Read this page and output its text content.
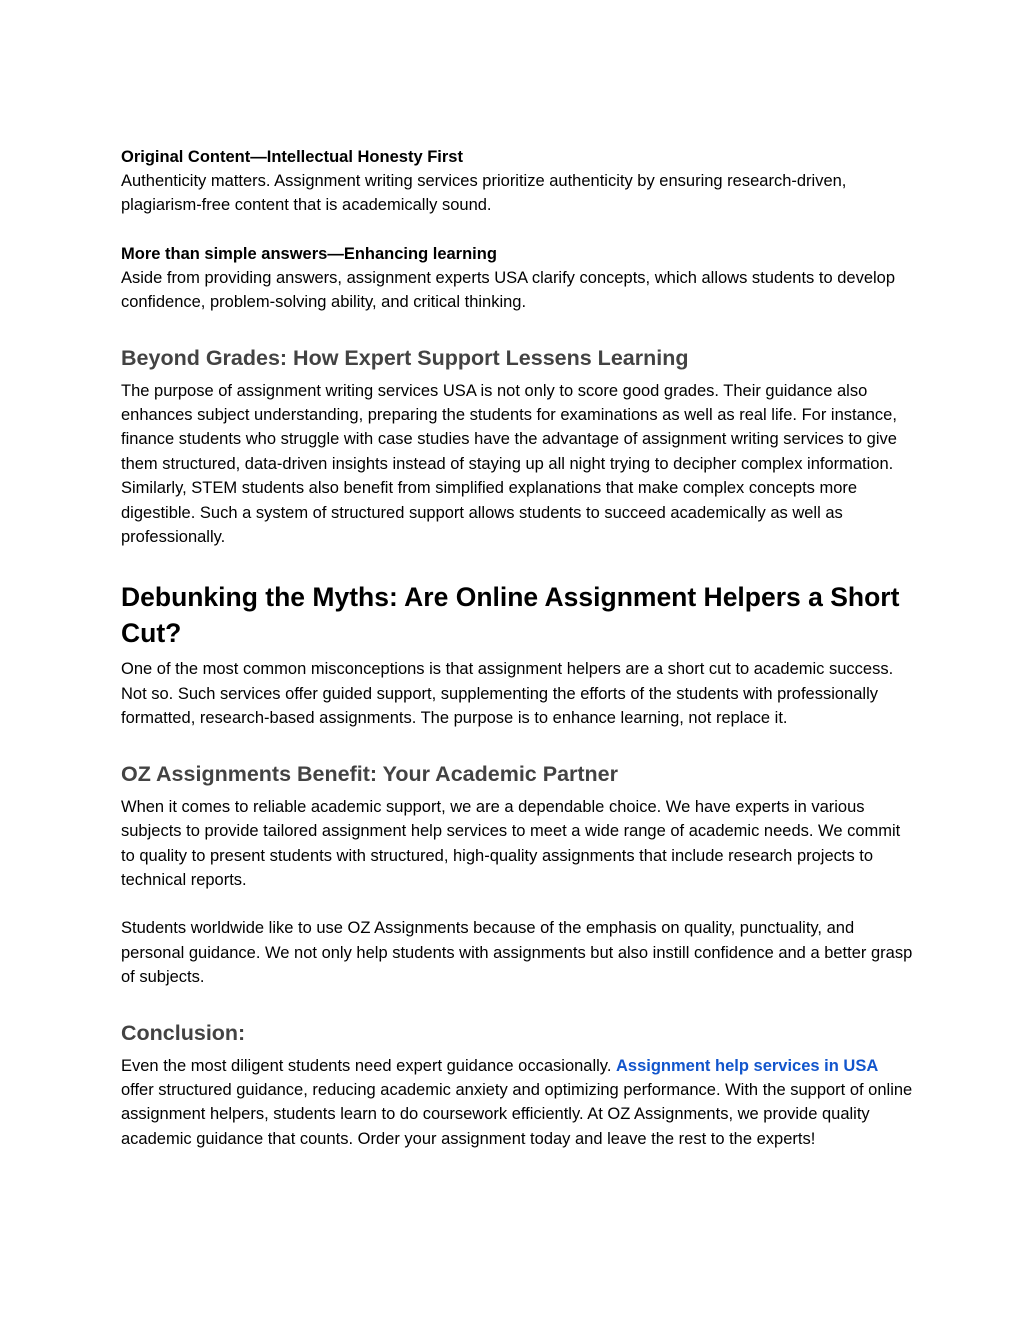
Original Content—Intellectual Honesty First

Authenticity matters. Assignment writing services prioritize authenticity by ensuring research-driven, plagiarism-free content that is academically sound.

More than simple answers—Enhancing learning

Aside from providing answers, assignment experts USA clarify concepts, which allows students to develop confidence, problem-solving ability, and critical thinking.

Beyond Grades: How Expert Support Lessens Learning

The purpose of assignment writing services USA is not only to score good grades. Their guidance also enhances subject understanding, preparing the students for examinations as well as real life. For instance, finance students who struggle with case studies have the advantage of assignment writing services to give them structured, data-driven insights instead of staying up all night trying to decipher complex information. Similarly, STEM students also benefit from simplified explanations that make complex concepts more digestible. Such a system of structured support allows students to succeed academically as well as professionally.

Debunking the Myths: Are Online Assignment Helpers a Short Cut?

One of the most common misconceptions is that assignment helpers are a short cut to academic success. Not so. Such services offer guided support, supplementing the efforts of the students with professionally formatted, research-based assignments. The purpose is to enhance learning, not replace it.

OZ Assignments Benefit: Your Academic Partner

When it comes to reliable academic support, we are a dependable choice. We have experts in various subjects to provide tailored assignment help services to meet a wide range of academic needs. We commit to quality to present students with structured, high-quality assignments that include research projects to technical reports.

Students worldwide like to use OZ Assignments because of the emphasis on quality, punctuality, and personal guidance. We not only help students with assignments but also instill confidence and a better grasp of subjects.

Conclusion:

Even the most diligent students need expert guidance occasionally. Assignment help services in USA offer structured guidance, reducing academic anxiety and optimizing performance. With the support of online assignment helpers, students learn to do coursework efficiently. At OZ Assignments, we provide quality academic guidance that counts. Order your assignment today and leave the rest to the experts!
